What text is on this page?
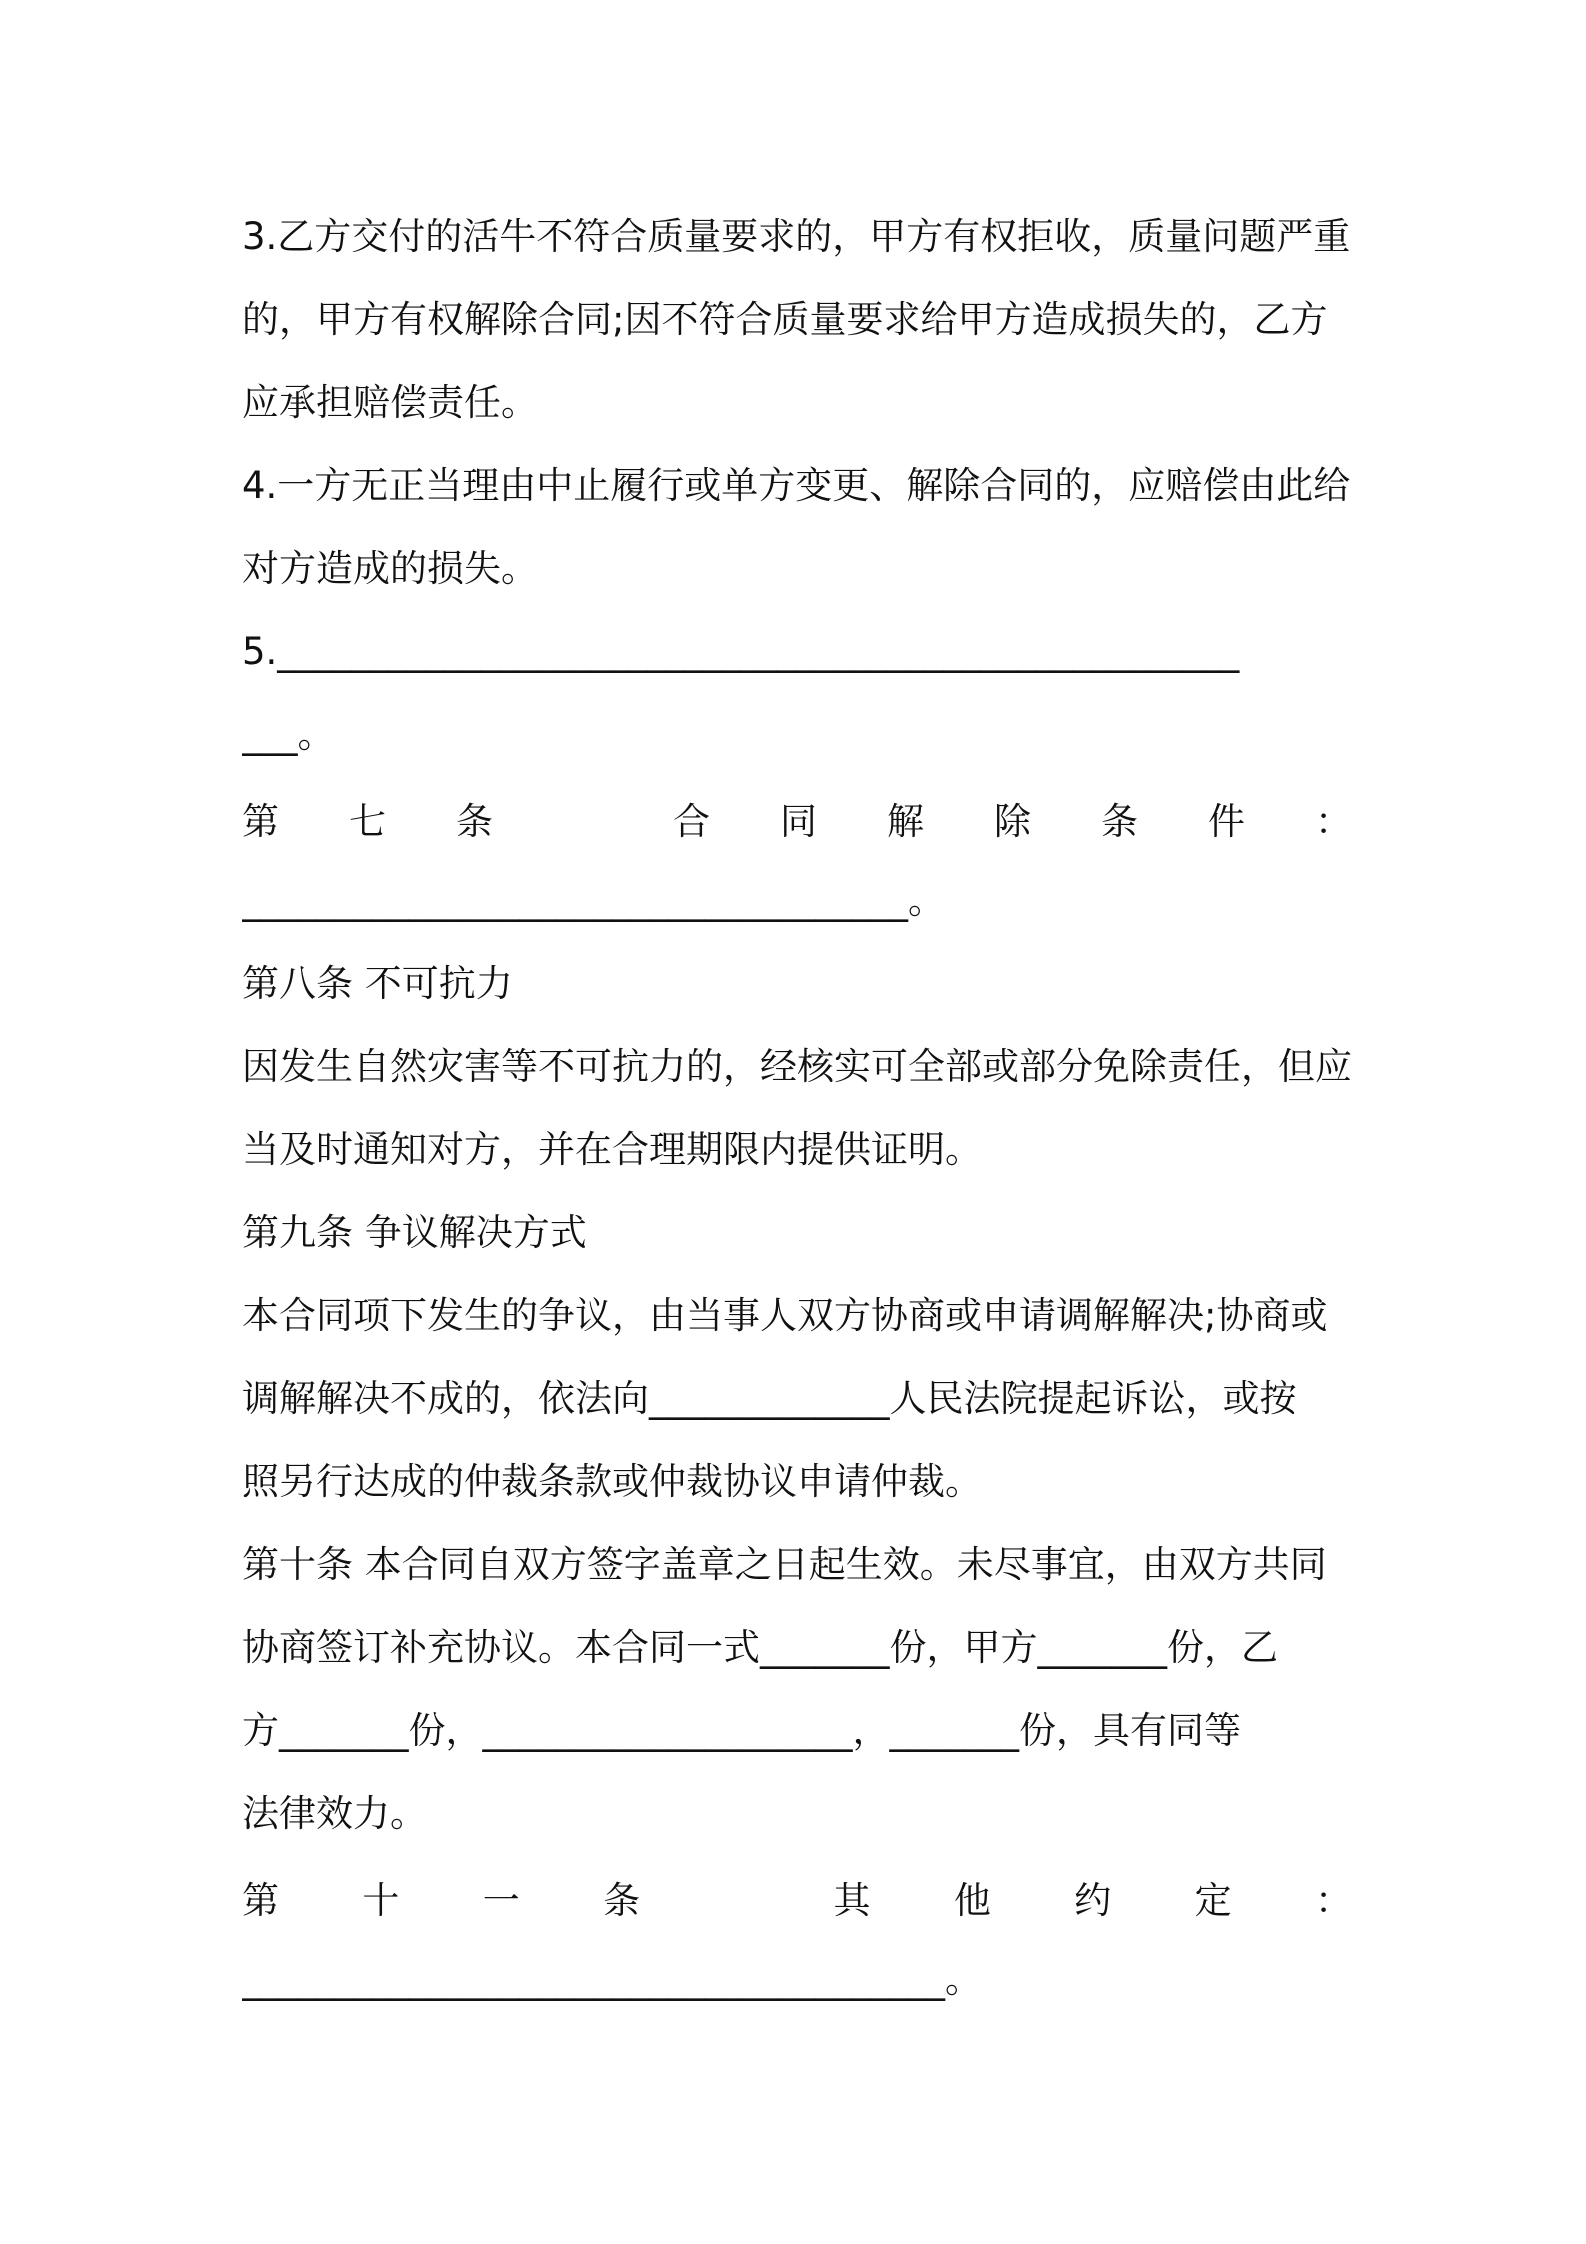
3.乙方交付的活牛不符合质量要求的，甲方有权拒收，质量问题严重
的，甲方有权解除合同;因不符合质量要求给甲方造成损失的，乙方
应承担赔偿责任。
4.一方无正当理由中止履行或单方变更、解除合同的，应赔偿由此给
对方造成的损失。
5.____________________________________________________
___。
第 七 条	合 同 解 除 条 件 ：
____________________________________。
第八条 不可抗力
因发生自然灾害等不可抗力的，经核实可全部或部分免除责任，但应
当及时通知对方，并在合理期限内提供证明。
第九条 争议解决方式
本合同项下发生的争议，由当事人双方协商或申请调解解决;协商或
调解解决不成的，依法向_____________人民法院提起诉讼，或按
照另行达成的仲裁条款或仲裁协议申请仲裁。
第十条 本合同自双方签字盖章之日起生效。未尽事宜，由双方共同
协商签订补充协议。本合同一式_______份，甲方_______份，乙
方_______份，____________________，_______份，具有同等
法律效力。
第 十 一 条	其 他 约 定 ：
______________________________________。
